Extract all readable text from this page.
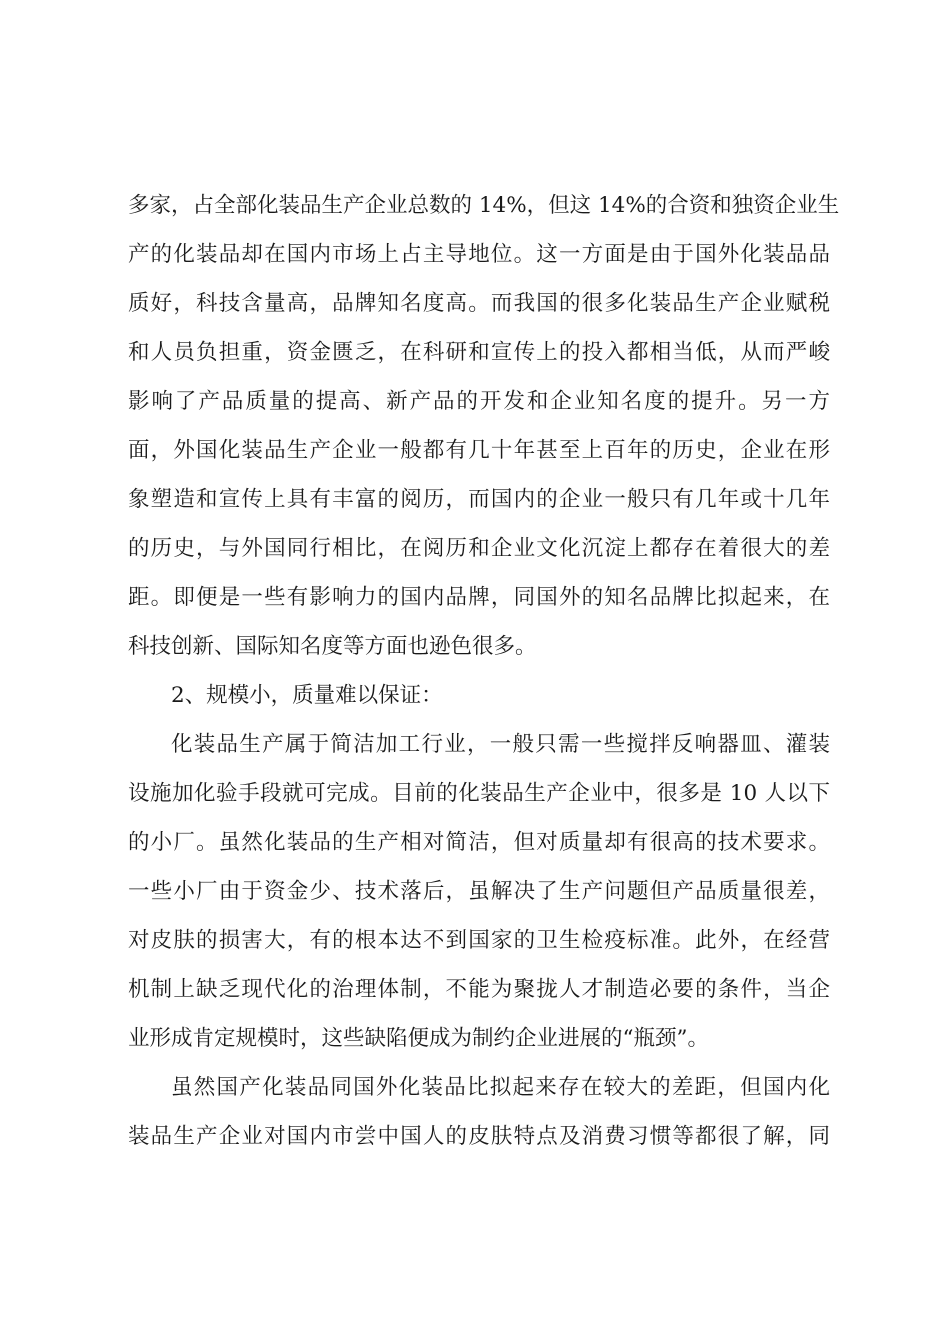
多家，占全部化装品生产企业总数的 14%，但这 14%的合资和独资企业生
产的化装品却在国内市场上占主导地位。这一方面是由于国外化装品品
质好，科技含量高，品牌知名度高。而我国的很多化装品生产企业赋税
和人员负担重，资金匮乏，在科研和宣传上的投入都相当低，从而严峻
影响了产品质量的提高、新产品的开发和企业知名度的提升。另一方
面，外国化装品生产企业一般都有几十年甚至上百年的历史，企业在形
象塑造和宣传上具有丰富的阅历，而国内的企业一般只有几年或十几年
的历史，与外国同行相比，在阅历和企业文化沉淀上都存在着很大的差
距。即便是一些有影响力的国内品牌，同国外的知名品牌比拟起来，在
科技创新、国际知名度等方面也逊色很多。
2、规模小，质量难以保证：
化装品生产属于简洁加工行业，一般只需一些搅拌反响器皿、灌装
设施加化验手段就可完成。目前的化装品生产企业中，很多是 10 人以下
的小厂。虽然化装品的生产相对简洁，但对质量却有很高的技术要求。
一些小厂由于资金少、技术落后，虽解决了生产问题但产品质量很差，
对皮肤的损害大，有的根本达不到国家的卫生检疫标准。此外，在经营
机制上缺乏现代化的治理体制，不能为聚拢人才制造必要的条件，当企
业形成肯定规模时，这些缺陷便成为制约企业进展的“瓶颈”。
虽然国产化装品同国外化装品比拟起来存在较大的差距，但国内化
装品生产企业对国内市尝中国人的皮肤特点及消费习惯等都很了解，同
